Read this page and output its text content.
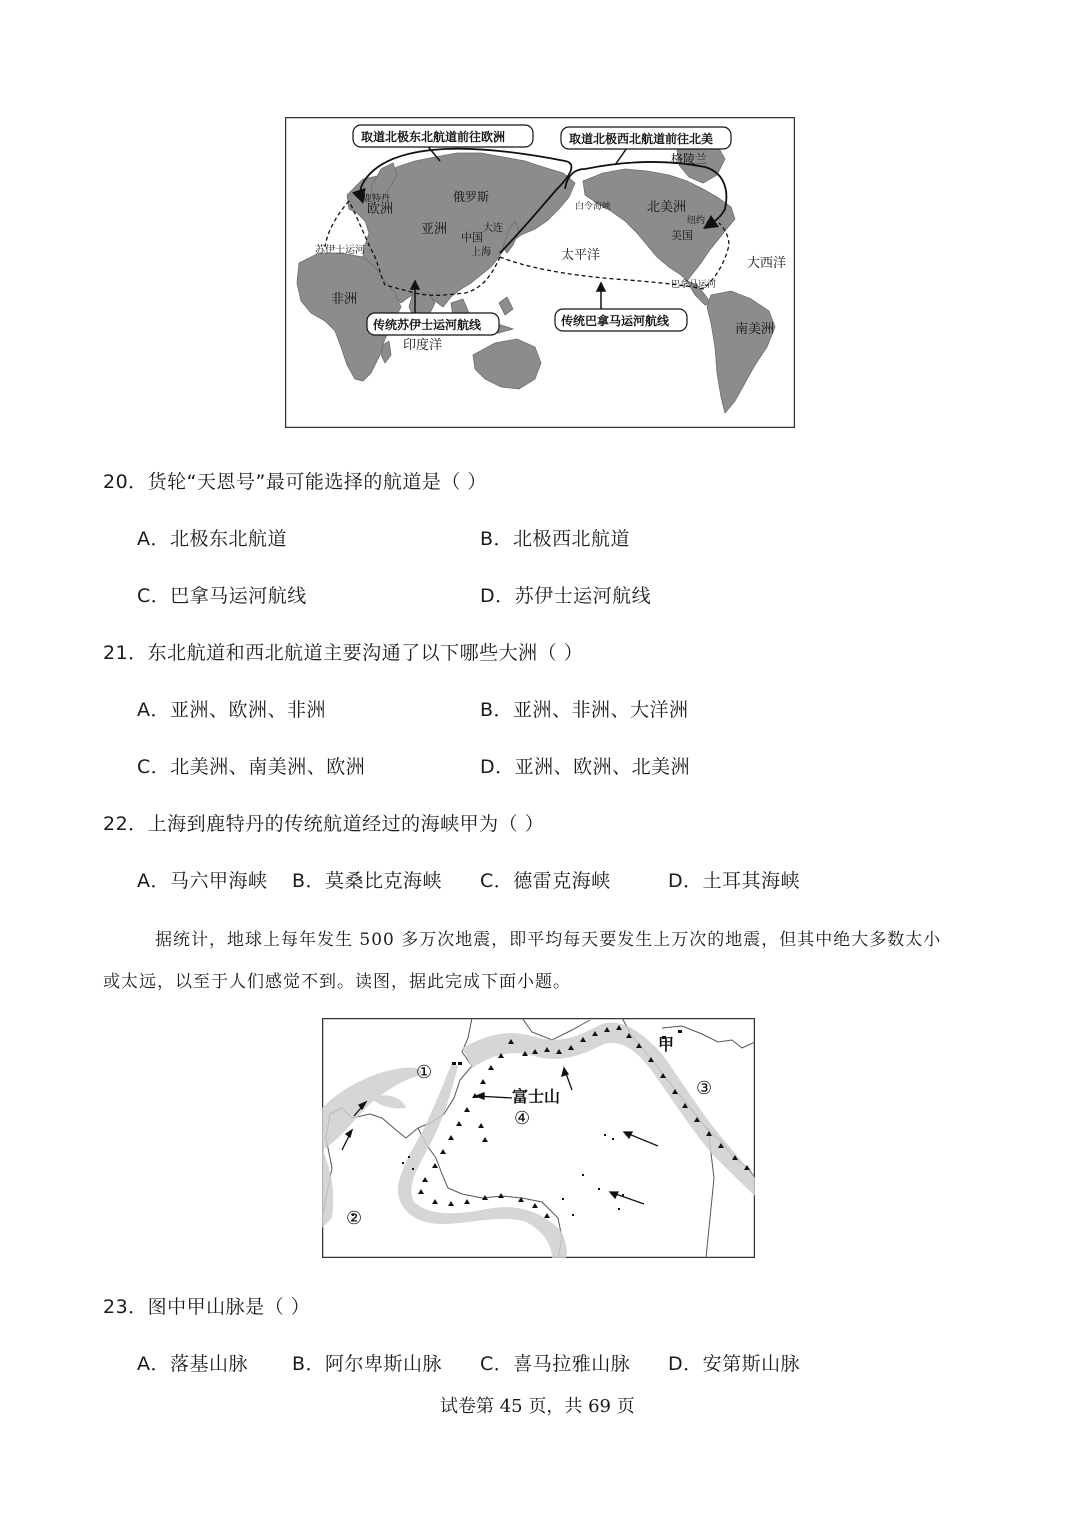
取道北极东北航道前往欧洲	取道北极西北航道前往北美
传统苏伊士运河航线	传统巴拿马运河航线
格陵兰
鹿特丹
欧洲
俄罗斯
亚洲	大连
中国
上海
白令海峡	北美洲
纽约
美国
苏伊士运河	太平洋
大西洋
非洲
巴拿马运河
南美洲
印度洋
20．货轮“天恩号”最可能选择的航道是（ ）
A．北极东北航道	B．北极西北航道
C．巴拿马运河航线	D．苏伊士运河航线
21．东北航道和西北航道主要沟通了以下哪些大洲（ ）
A．亚洲、欧洲、非洲	B．亚洲、非洲、大洋洲
C．北美洲、南美洲、欧洲	D．亚洲、欧洲、北美洲
22．上海到鹿特丹的传统航道经过的海峡甲为（ ）
A．马六甲海峡 B．莫桑比克海峡 C．德雷克海峡	D．土耳其海峡
据统计，地球上每年发生 500 多万次地震，即平均每天要发生上万次的地震，但其中绝大多数太小
或太远，以至于人们感觉不到。读图，据此完成下面小题。
①
②
③
④
富士山
甲
23．图中甲山脉是（ ）
A．落基山脉 B．阿尔卑斯山脉 C．喜马拉雅山脉 D．安第斯山脉
试卷第 45 页，共 69 页
